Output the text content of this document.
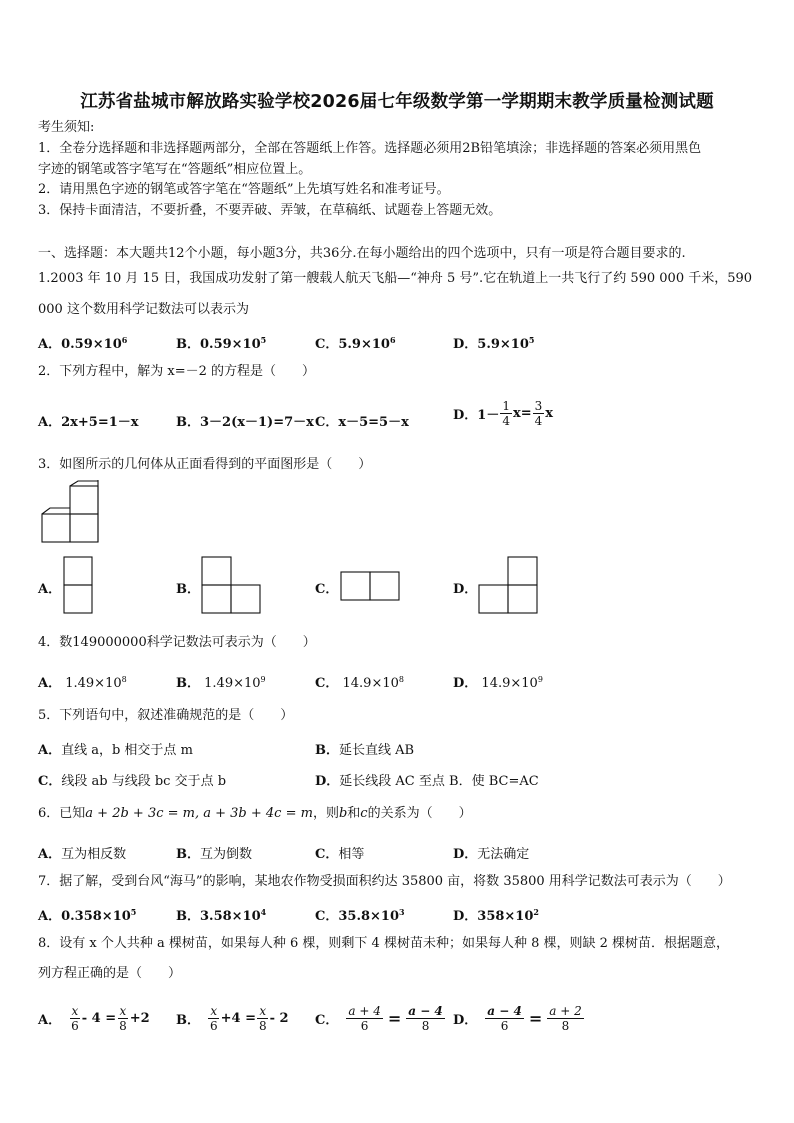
江苏省盐城市解放路实验学校2026届七年级数学第一学期期末教学质量检测试题
考生须知:
1．全卷分选择题和非选择题两部分，全部在答题纸上作答。选择题必须用2B铅笔填涂；非选择题的答案必须用黑色
字迹的钢笔或答字笔写在“答题纸”相应位置上。
2．请用黑色字迹的钢笔或答字笔在“答题纸”上先填写姓名和准考证号。
3．保持卡面清洁，不要折叠，不要弄破、弄皱，在草稿纸、试题卷上答题无效。
一、选择题：本大题共12个小题，每小题3分，共36分.在每小题给出的四个选项中，只有一项是符合题目要求的.
1.2003 年 10 月 15 日，我国成功发射了第一艘载人航天飞船—“神舟 5 号”.它在轨道上一共飞行了约 590 000 千米，590
000 这个数用科学记数法可以表示为
A．$0.59\times 10^6$	B．$0.59\times 10^5$	C．$5.9\times 10^6$	D．$5.9\times 10^5$
2．下列方程中，解为 x=－2 的方程是（　　）
A．2x+5=1－x	B．3－2(x－1)=7－x C．x－5=5－x	D．$1- \frac{1}{4} x= \frac{3}{4}$ x
3．如图所示的几何体从正面看得到的平面图形是（　　）
A．	B．	C．	D．
4．数149000000科学记数法可表示为（　　）
A． $1.49\times 10^8$	B． $1.49\times 10^9$	C． $14.9\times 10^8$	D． $14.9\times 10^9$
5．下列语句中，叙述准确规范的是（　　）
A．直线 a，b 相交于点 m	B．延长直线 AB
C．线段 ab 与线段 bc 交于点 b	D．延长线段 AC 至点 B．使 BC=AC
6．已知a + 2b + 3c = m, a + 3b + 4c = m，则b和c的关系为（　　）
A．互为相反数	B．互为倒数	C．相等	D．无法确定
7．据了解，受到台风“海马”的影响，某地农作物受损面积约达 35800 亩，将数 35800 用科学记数法可表示为（　　）
A．$0.358\times 10^5$	B．$3.58\times 10^4$	C．$35.8\times 10^3$	D．$358\times 10^2$
8．设有 x 个人共种 a 棵树苗，如果每人种 6 棵，则剩下 4 棵树苗未种；如果每人种 8 棵，则缺 2 棵树苗．根据题意，
列方程正确的是（　　）
A． $\frac{x}{6} - 4 = \frac{x}{8} +2$ B． $\frac{x}{6} +4 = \frac{x}{8} - 2$ C． $\frac{a + 4}{6} = \frac{a - 4}{8}$ D． $\frac{a - 4}{6} = \frac{a + 2}{8}$
